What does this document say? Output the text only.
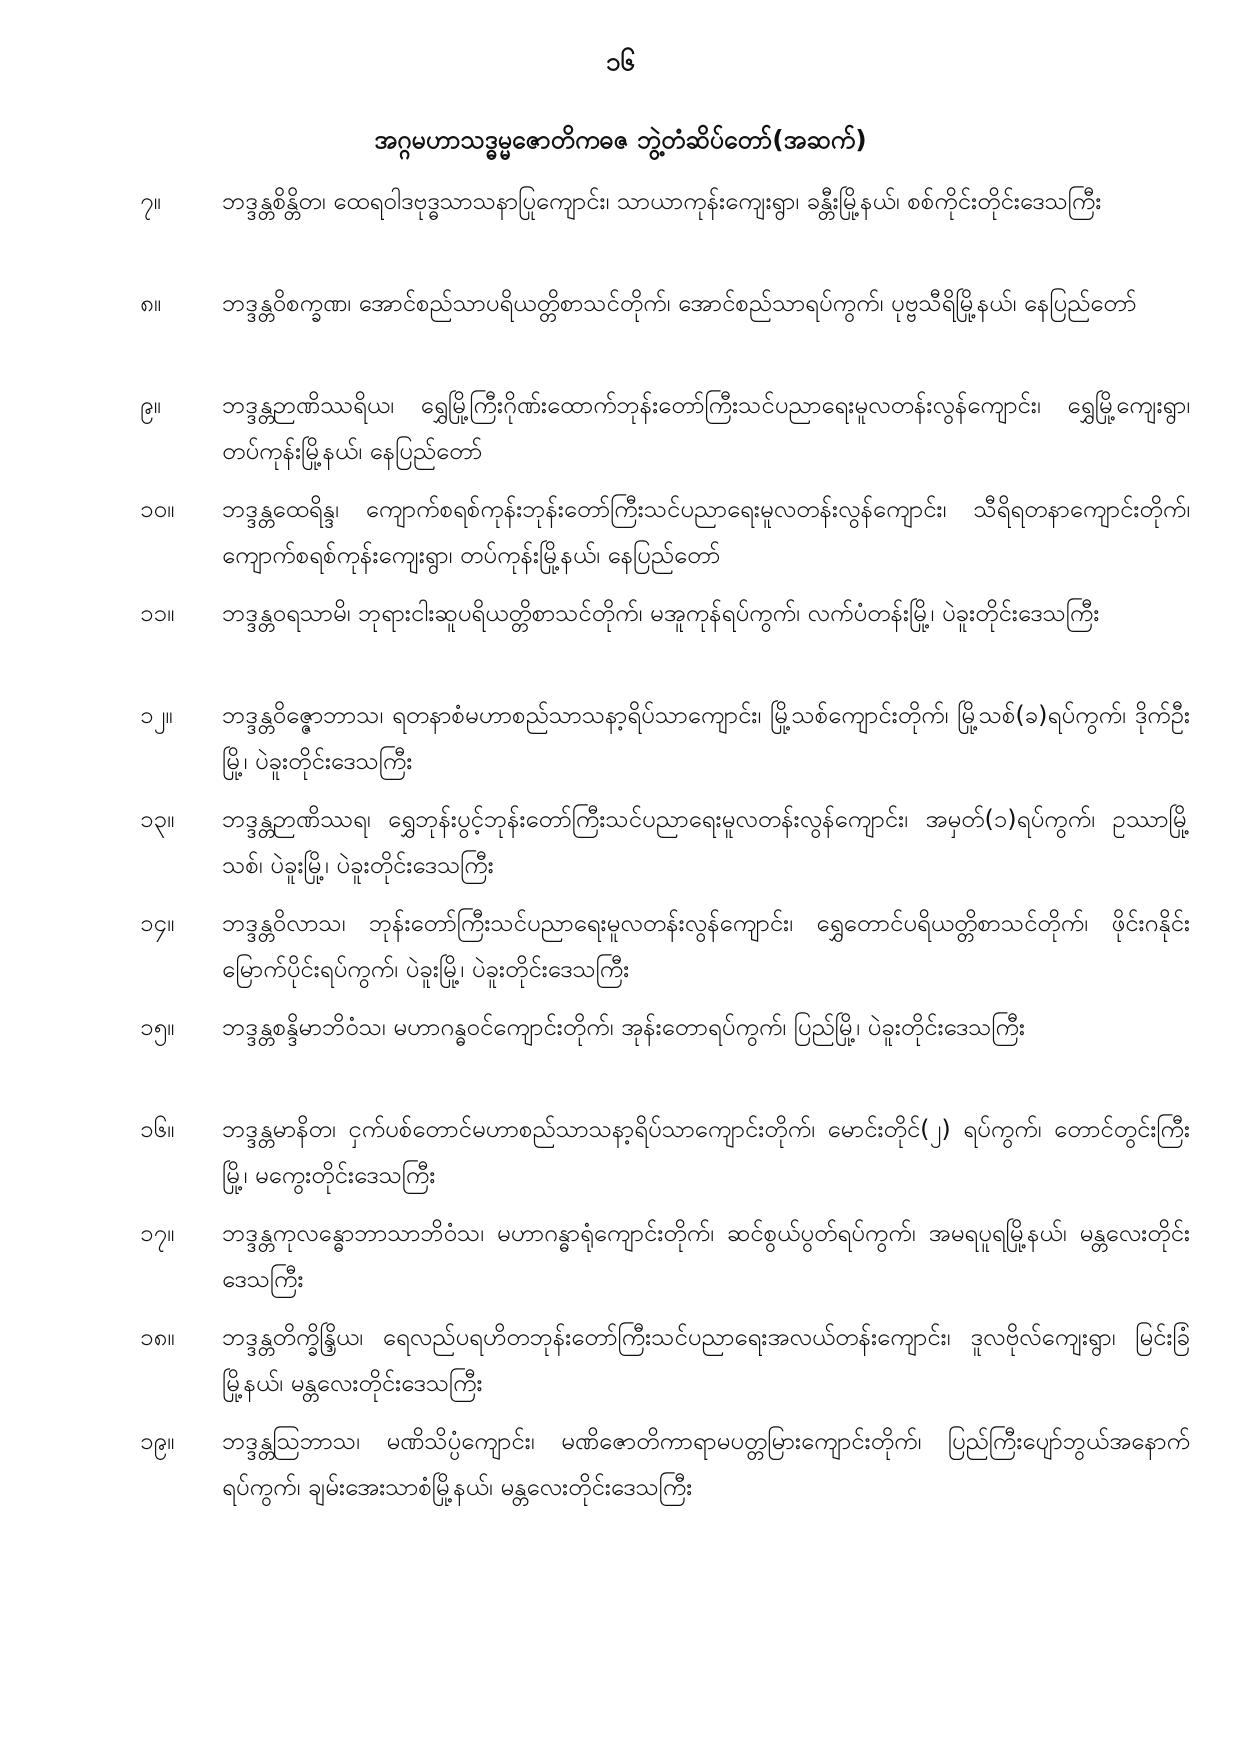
၁၆
အဂ္ဂမဟာသဒ္ဓမ္မဇောတိကဓဇ ဘွဲ့တံဆိပ်တော်(အဆက်)
၇။	ဘဒ္ဒန္တစိန္တိတ၊ ထေရဝါဒဗုဒ္ဓသာသနာပြုကျောင်း၊ သာယာကုန်းကျေးရွာ၊ ခန္တီးမြို့နယ်၊ စစ်ကိုင်းတိုင်းဒေသကြီး
၈။	ဘဒ္ဒန္တဝိစက္ခဏ၊ အောင်စည်သာပရိယတ္တိစာသင်တိုက်၊ အောင်စည်သာရပ်ကွက်၊ ပုဗ္ဗသီရိမြို့နယ်၊ နေပြည်တော်
၉။	ဘဒ္ဒန္တဉာဏိဿရိယ၊ ရွှေမြို့ကြီးဂိုဏ်းထောက်ဘုန်းတော်ကြီးသင်ပညာရေးမူလတန်းလွန်ကျောင်း၊ ရွှေမြို့ကျေးရွာ၊ တပ်ကုန်းမြို့နယ်၊ နေပြည်တော်
၁၀။	ဘဒ္ဒန္တထေရိန္ဒ၊ ကျောက်စရစ်ကုန်းဘုန်းတော်ကြီးသင်ပညာရေးမူလတန်းလွန်ကျောင်း၊ သီရိရတနာကျောင်းတိုက်၊ ကျောက်စရစ်ကုန်းကျေးရွာ၊ တပ်ကုန်းမြို့နယ်၊ နေပြည်တော်
၁၁။	ဘဒ္ဒန္တဝရသာမိ၊ ဘုရားငါးဆူပရိယတ္တိစာသင်တိုက်၊ မအူကုန်ရပ်ကွက်၊ လက်ပံတန်းမြို့၊ ပဲခူးတိုင်းဒေသကြီး
၁၂။	ဘဒ္ဒန္တဝိဇ္ဇောဘာသ၊ ရတနာစံမဟာစည်သာသနာ့ရိပ်သာကျောင်း၊ မြို့သစ်ကျောင်းတိုက်၊ မြို့သစ်(ခ)ရပ်ကွက်၊ ဒိုက်ဦးမြို့၊ ပဲခူးတိုင်းဒေသကြီး
၁၃။	ဘဒ္ဒန္တဉာဏိဿရ၊ ရွှေဘုန်းပွင့်ဘုန်းတော်ကြီးသင်ပညာရေးမူလတန်းလွန်ကျောင်း၊ အမှတ်(၁)ရပ်ကွက်၊ ဥဿာမြို့သစ်၊ ပဲခူးမြို့၊ ပဲခူးတိုင်းဒေသကြီး
၁၄။	ဘဒ္ဒန္တဝိလာသ၊ ဘုန်းတော်ကြီးသင်ပညာရေးမူလတန်းလွန်ကျောင်း၊ ရွှေတောင်ပရိယတ္တိစာသင်တိုက်၊ ဖိုင်းဂနိုင်းမြောက်ပိုင်းရပ်ကွက်၊ ပဲခူးမြို့၊ ပဲခူးတိုင်းဒေသကြီး
၁၅။	ဘဒ္ဒန္တစန္ဒိမာဘိဝံသ၊ မဟာဂန္ဓဝင်ကျောင်းတိုက်၊ အုန်းတောရပ်ကွက်၊ ပြည်မြို့၊ ပဲခူးတိုင်းဒေသကြီး
၁၆။	ဘဒ္ဒန္တမာနိတ၊ ငှက်ပစ်တောင်မဟာစည်သာသနာ့ရိပ်သာကျောင်းတိုက်၊ မောင်းတိုင်(၂) ရပ်ကွက်၊ တောင်တွင်းကြီးမြို့၊ မကွေးတိုင်းဒေသကြီး
၁၇။	ဘဒ္ဒန္တကုလန္ဓောဘာသာဘိဝံသ၊ မဟာဂန္ဓာရုံကျောင်းတိုက်၊ ဆင်စွယ်ပွတ်ရပ်ကွက်၊ အမရပူရမြို့နယ်၊ မန္တလေးတိုင်းဒေသကြီး
၁၈။	ဘဒ္ဒန္တတိက္ခိန္ဒြိယ၊ ရေလည်ပရဟိတဘုန်းတော်ကြီးသင်ပညာရေးအလယ်တန်းကျောင်း၊ ဒူလဗိုလ်ကျေးရွာ၊ မြင်းခြံမြို့နယ်၊ မန္တလေးတိုင်းဒေသကြီး
၁၉။	ဘဒ္ဒန္တသြဘာသ၊ မဏိသိပ္ပံကျောင်း၊ မဏိဇောတိကာရာမပတ္တမြားကျောင်းတိုက်၊ ပြည်ကြီးပျော်ဘွယ်အနောက်ရပ်ကွက်၊ ချမ်းအေးသာစံမြို့နယ်၊ မန္တလေးတိုင်းဒေသကြီး
